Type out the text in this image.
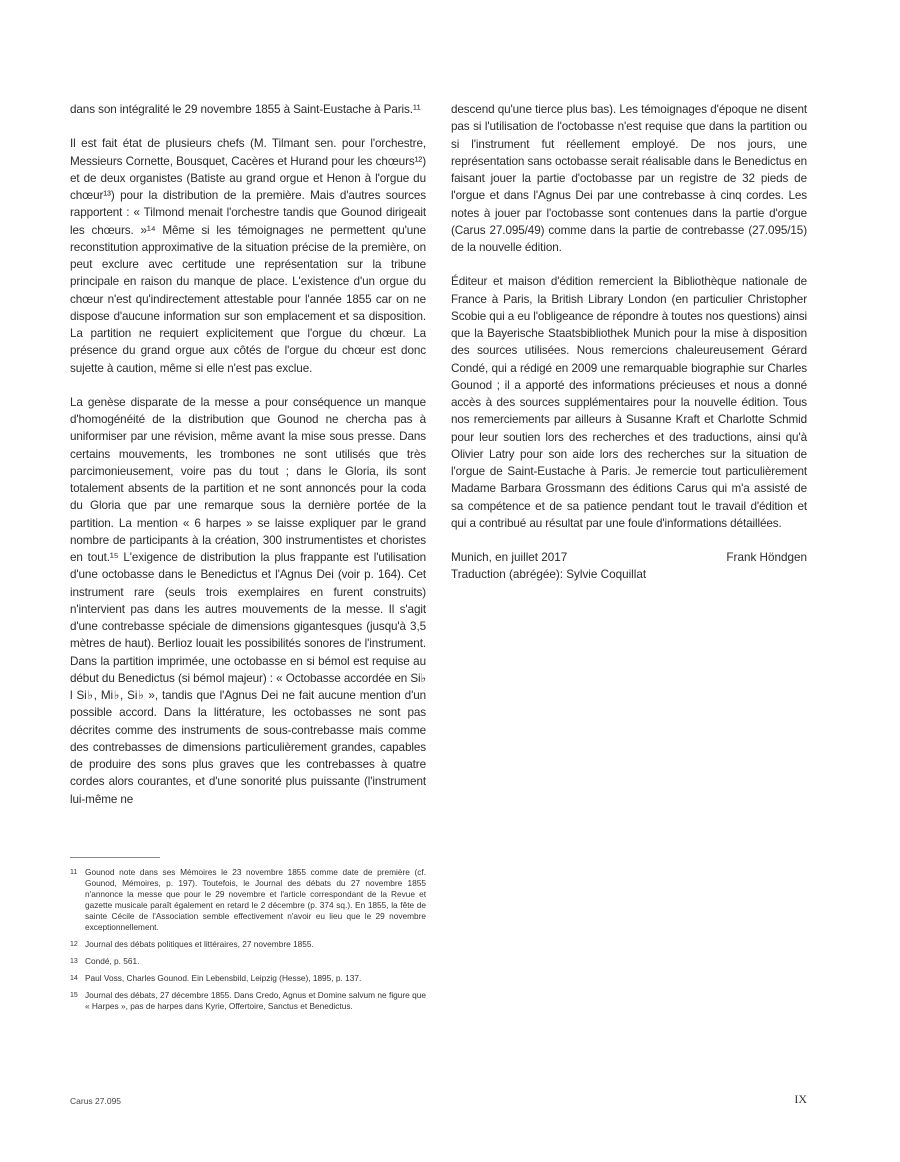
dans son intégralité le 29 novembre 1855 à Saint-Eustache à Paris.¹¹

Il est fait état de plusieurs chefs (M. Tilmant sen. pour l'orchestre, Messieurs Cornette, Bousquet, Cacères et Hurand pour les chœurs¹²) et de deux organistes (Batiste au grand orgue et Henon à l'orgue du chœur¹³) pour la distribution de la première. Mais d'autres sources rapportent : « Tilmond menait l'orchestre tandis que Gounod dirigeait les chœurs. »¹⁴ Même si les témoignages ne permettent qu'une reconstitution approximative de la situation précise de la première, on peut exclure avec certitude une représentation sur la tribune principale en raison du manque de place. L'existence d'un orgue du chœur n'est qu'indirectement attestable pour l'année 1855 car on ne dispose d'aucune information sur son emplacement et sa disposition. La partition ne requiert explicitement que l'orgue du chœur. La présence du grand orgue aux côtés de l'orgue du chœur est donc sujette à caution, même si elle n'est pas exclue.

La genèse disparate de la messe a pour conséquence un manque d'homogénéité de la distribution que Gounod ne chercha pas à uniformiser par une révision, même avant la mise sous presse. Dans certains mouvements, les trombones ne sont utilisés que très parcimonieusement, voire pas du tout ; dans le Gloria, ils sont totalement absents de la partition et ne sont annoncés pour la coda du Gloria que par une remarque sous la dernière portée de la partition. La mention « 6 harpes » se laisse expliquer par le grand nombre de participants à la création, 300 instrumentistes et choristes en tout.¹⁵ L'exigence de distribution la plus frappante est l'utilisation d'une octobasse dans le Benedictus et l'Agnus Dei (voir p. 164). Cet instrument rare (seuls trois exemplaires en furent construits) n'intervient pas dans les autres mouvements de la messe. Il s'agit d'une contrebasse spéciale de dimensions gigantesques (jusqu'à 3,5 mètres de haut). Berlioz louait les possibilités sonores de l'instrument. Dans la partition imprimée, une octobasse en si bémol est requise au début du Benedictus (si bémol majeur) : « Octobasse accordée en Si♭ l Si♭, Mi♭, Si♭ », tandis que l'Agnus Dei ne fait aucune mention d'un possible accord. Dans la littérature, les octobasses ne sont pas décrites comme des instruments de sous-contrebasse mais comme des contrebasses de dimensions particulièrement grandes, capables de produire des sons plus graves que les contrebasses à quatre cordes alors courantes, et d'une sonorité plus puissante (l'instrument lui-même ne

descend qu'une tierce plus bas). Les témoignages d'époque ne disent pas si l'utilisation de l'octobasse n'est requise que dans la partition ou si l'instrument fut réellement employé. De nos jours, une représentation sans octobasse serait réalisable dans le Benedictus en faisant jouer la partie d'octobasse par un registre de 32 pieds de l'orgue et dans l'Agnus Dei par une contrebasse à cinq cordes. Les notes à jouer par l'octobasse sont contenues dans la partie d'orgue (Carus 27.095/49) comme dans la partie de contrebasse (27.095/15) de la nouvelle édition.

Éditeur et maison d'édition remercient la Bibliothèque nationale de France à Paris, la British Library London (en particulier Christopher Scobie qui a eu l'obligeance de répondre à toutes nos questions) ainsi que la Bayerische Staatsbibliothek Munich pour la mise à disposition des sources utilisées. Nous remercions chaleureusement Gérard Condé, qui a rédigé en 2009 une remarquable biographie sur Charles Gounod ; il a apporté des informations précieuses et nous a donné accès à des sources supplémentaires pour la nouvelle édition. Tous nos remerciements par ailleurs à Susanne Kraft et Charlotte Schmid pour leur soutien lors des recherches et des traductions, ainsi qu'à Olivier Latry pour son aide lors des recherches sur la situation de l'orgue de Saint-Eustache à Paris. Je remercie tout particulièrement Madame Barbara Grossmann des éditions Carus qui m'a assisté de sa compétence et de sa patience pendant tout le travail d'édition et qui a contribué au résultat par une foule d'informations détaillées.

Munich, en juillet 2017	Frank Höndgen
Traduction (abrégée): Sylvie Coquillat
11 Gounod note dans ses Mémoires le 23 novembre 1855 comme date de première (cf. Gounod, Mémoires, p. 197). Toutefois, le Journal des débats du 27 novembre 1855 n'annonce la messe que pour le 29 novembre et l'article correspondant de la Revue et gazette musicale paraît également en retard le 2 décembre (p. 374 sq.). En 1855, la fête de sainte Cécile de l'Association semble effectivement n'avoir eu lieu que le 29 novembre exceptionnellement.
12 Journal des débats politiques et littéraires, 27 novembre 1855.
13 Condé, p. 561.
14 Paul Voss, Charles Gounod. Ein Lebensbild, Leipzig (Hesse), 1895, p. 137.
15 Journal des débats, 27 décembre 1855. Dans Credo, Agnus et Domine salvum ne figure que « Harpes », pas de harpes dans Kyrie, Offertoire, Sanctus et Benedictus.
Carus 27.095	IX
